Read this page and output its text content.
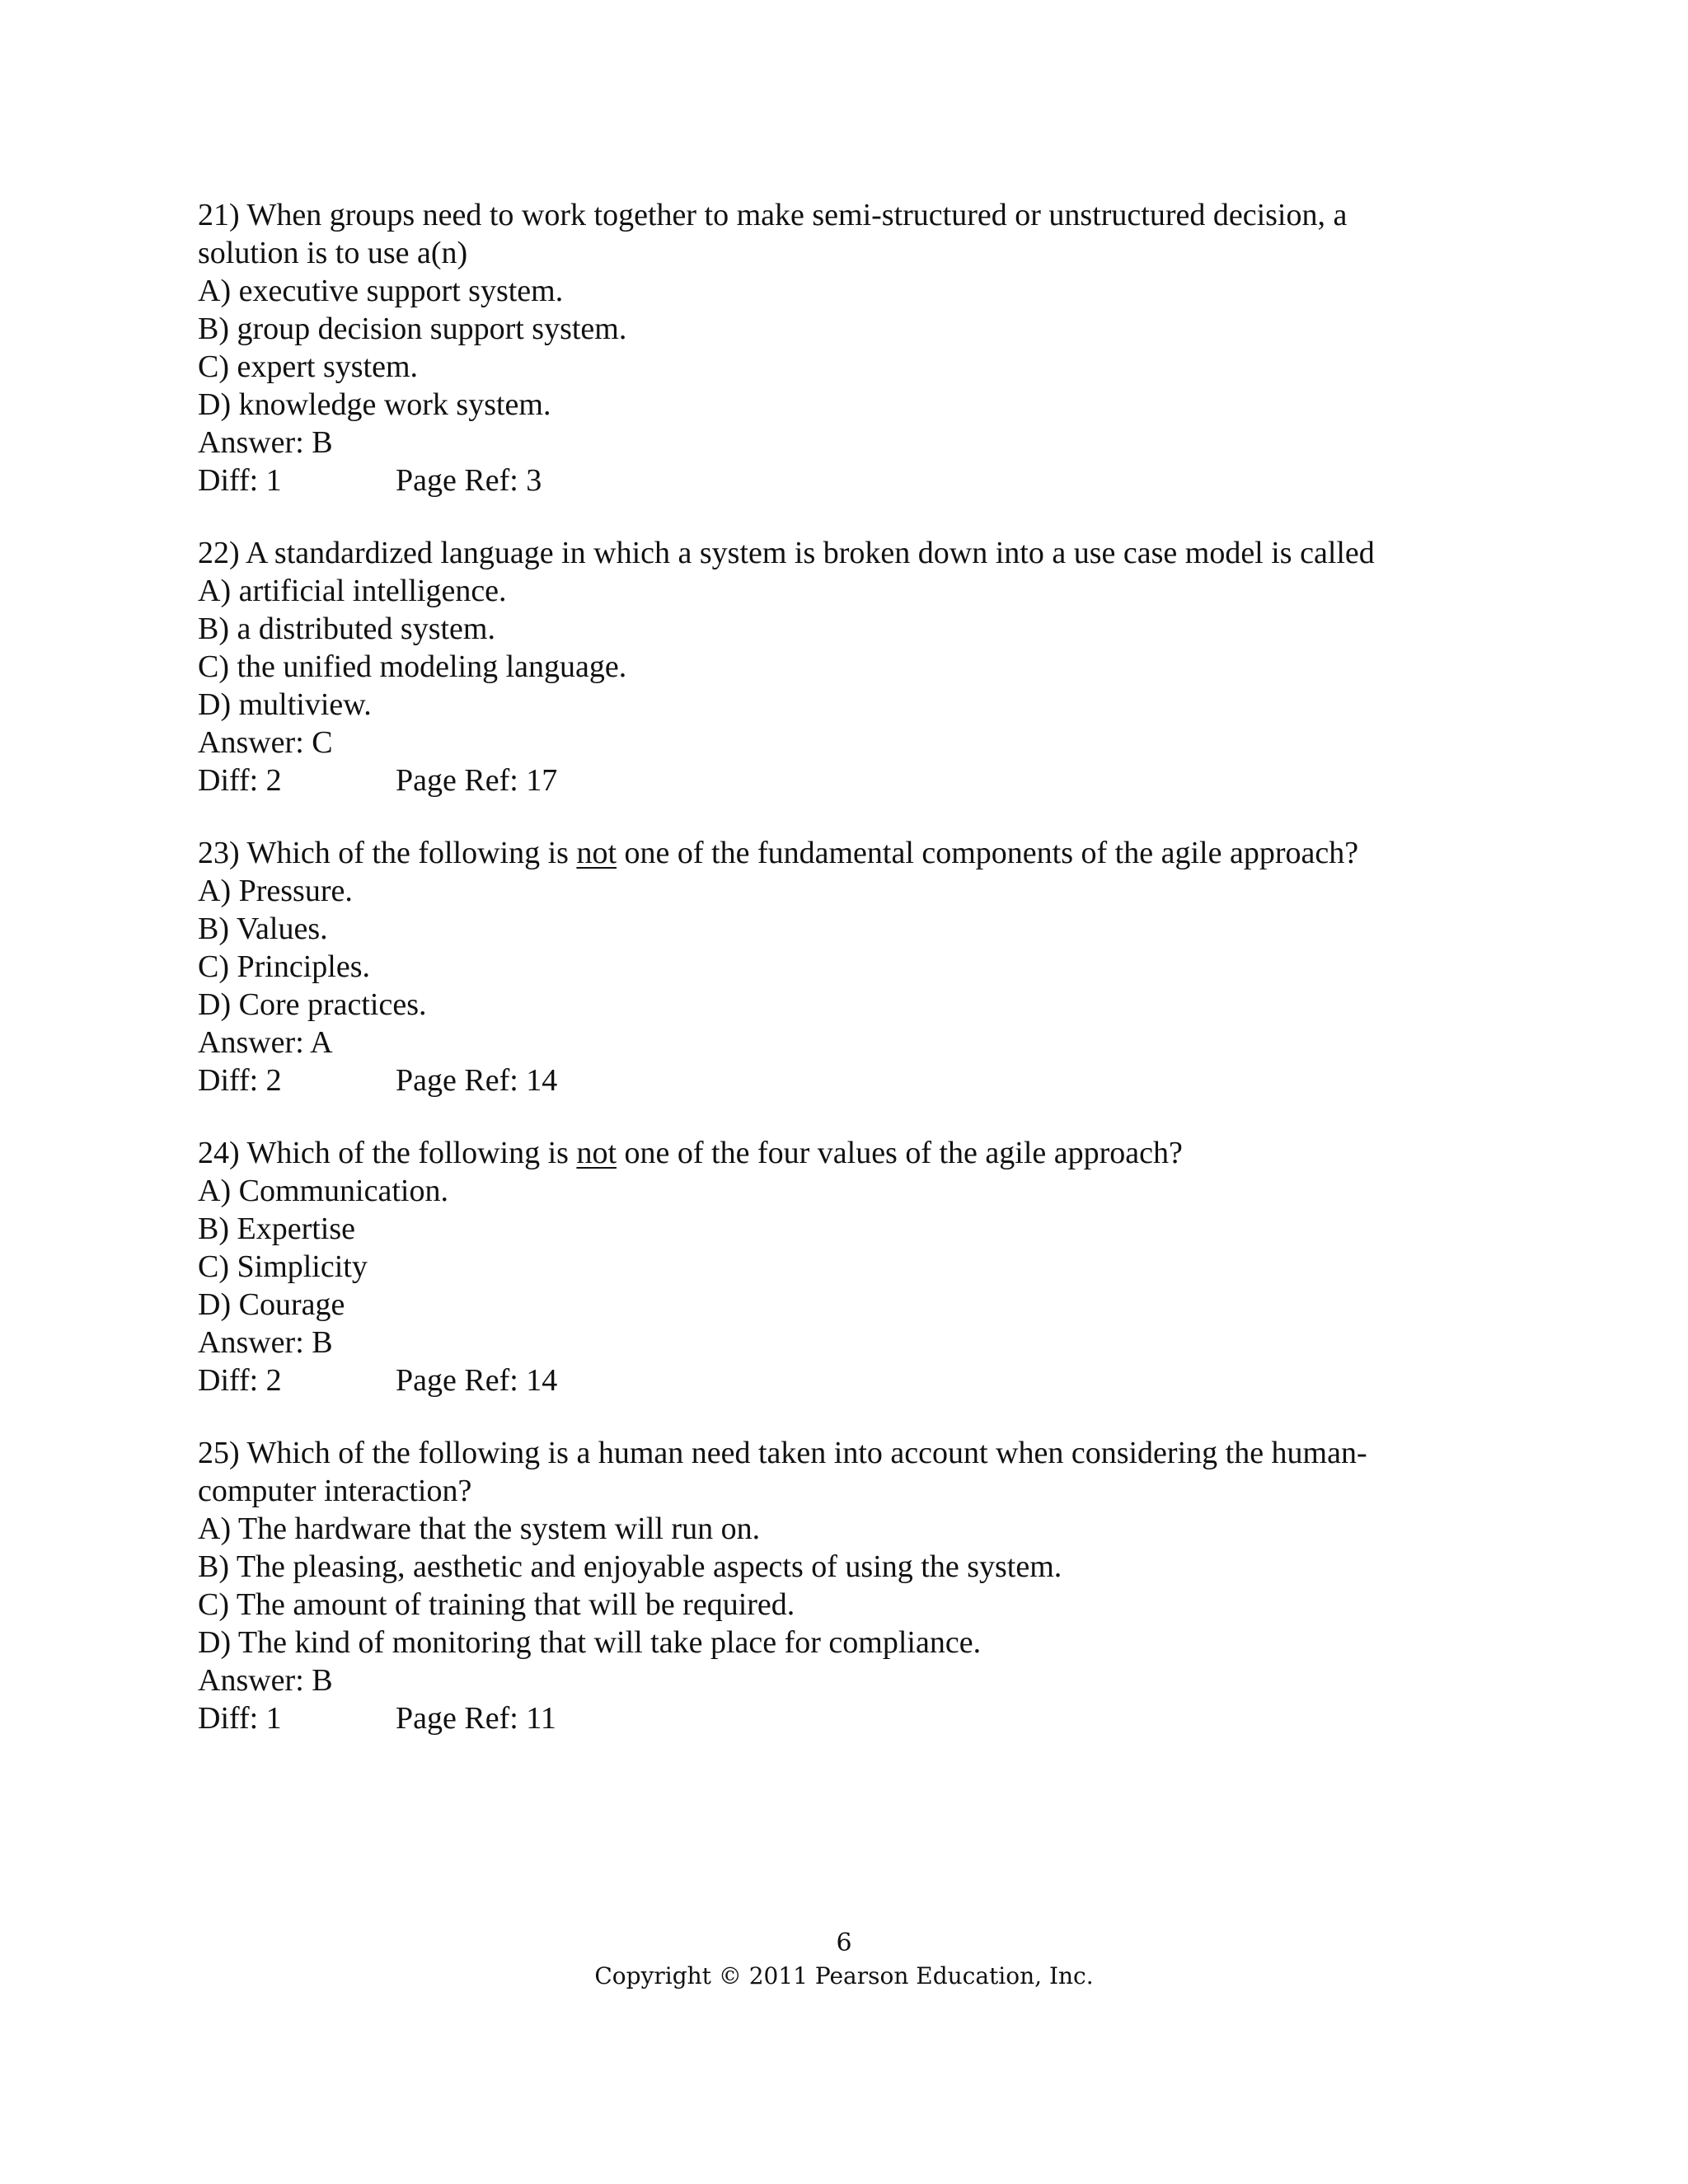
21) When groups need to work together to make semi-structured or unstructured decision, a solution is to use a(n)
A) executive support system.
B) group decision support system.
C) expert system.
D) knowledge work system.
Answer: B
Diff: 1	Page Ref: 3
22) A standardized language in which a system is broken down into a use case model is called
A) artificial intelligence.
B) a distributed system.
C) the unified modeling language.
D) multiview.
Answer: C
Diff: 2	Page Ref: 17
23) Which of the following is not one of the fundamental components of the agile approach?
A) Pressure.
B) Values.
C) Principles.
D) Core practices.
Answer: A
Diff: 2	Page Ref: 14
24) Which of the following is not one of the four values of the agile approach?
A) Communication.
B) Expertise
C) Simplicity
D) Courage
Answer: B
Diff: 2	Page Ref: 14
25) Which of the following is a human need taken into account when considering the human-computer interaction?
A) The hardware that the system will run on.
B) The pleasing, aesthetic and enjoyable aspects of using the system.
C) The amount of training that will be required.
D) The kind of monitoring that will take place for compliance.
Answer: B
Diff: 1	Page Ref: 11
6
Copyright © 2011 Pearson Education, Inc.
